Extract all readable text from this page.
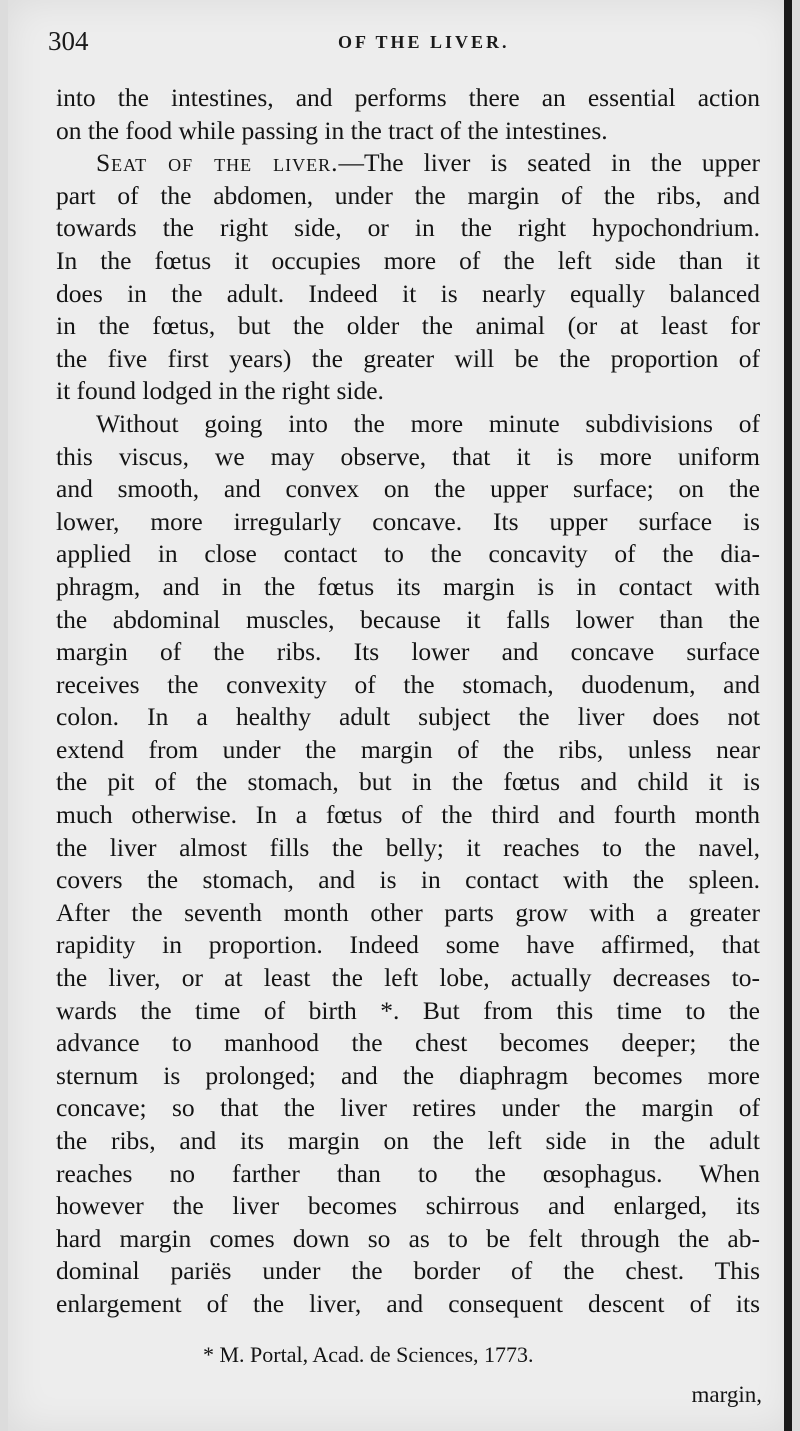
304	OF THE LIVER.
into the intestines, and performs there an essential action
on the food while passing in the tract of the intestines.
Seat of the liver.—The liver is seated in the upper
part of the abdomen, under the margin of the ribs, and
towards the right side, or in the right hypochondrium.
In the fœtus it occupies more of the left side than it
does in the adult. Indeed it is nearly equally balanced
in the fœtus, but the older the animal (or at least for
the five first years) the greater will be the proportion of
it found lodged in the right side.
Without going into the more minute subdivisions of
this viscus, we may observe, that it is more uniform
and smooth, and convex on the upper surface; on the
lower, more irregularly concave. Its upper surface is
applied in close contact to the concavity of the dia-
phragm, and in the fœtus its margin is in contact with
the abdominal muscles, because it falls lower than the
margin of the ribs. Its lower and concave surface
receives the convexity of the stomach, duodenum, and
colon. In a healthy adult subject the liver does not
extend from under the margin of the ribs, unless near
the pit of the stomach, but in the fœtus and child it is
much otherwise. In a fœtus of the third and fourth month
the liver almost fills the belly; it reaches to the navel,
covers the stomach, and is in contact with the spleen.
After the seventh month other parts grow with a greater
rapidity in proportion. Indeed some have affirmed, that
the liver, or at least the left lobe, actually decreases to-
wards the time of birth *. But from this time to the
advance to manhood the chest becomes deeper; the
sternum is prolonged; and the diaphragm becomes more
concave; so that the liver retires under the margin of
the ribs, and its margin on the left side in the adult
reaches no farther than to the œsophagus. When
however the liver becomes schirrous and enlarged, its
hard margin comes down so as to be felt through the ab-
dominal pariës under the border of the chest. This
enlargement of the liver, and consequent descent of its
* M. Portal, Acad. de Sciences, 1773.
margin,
